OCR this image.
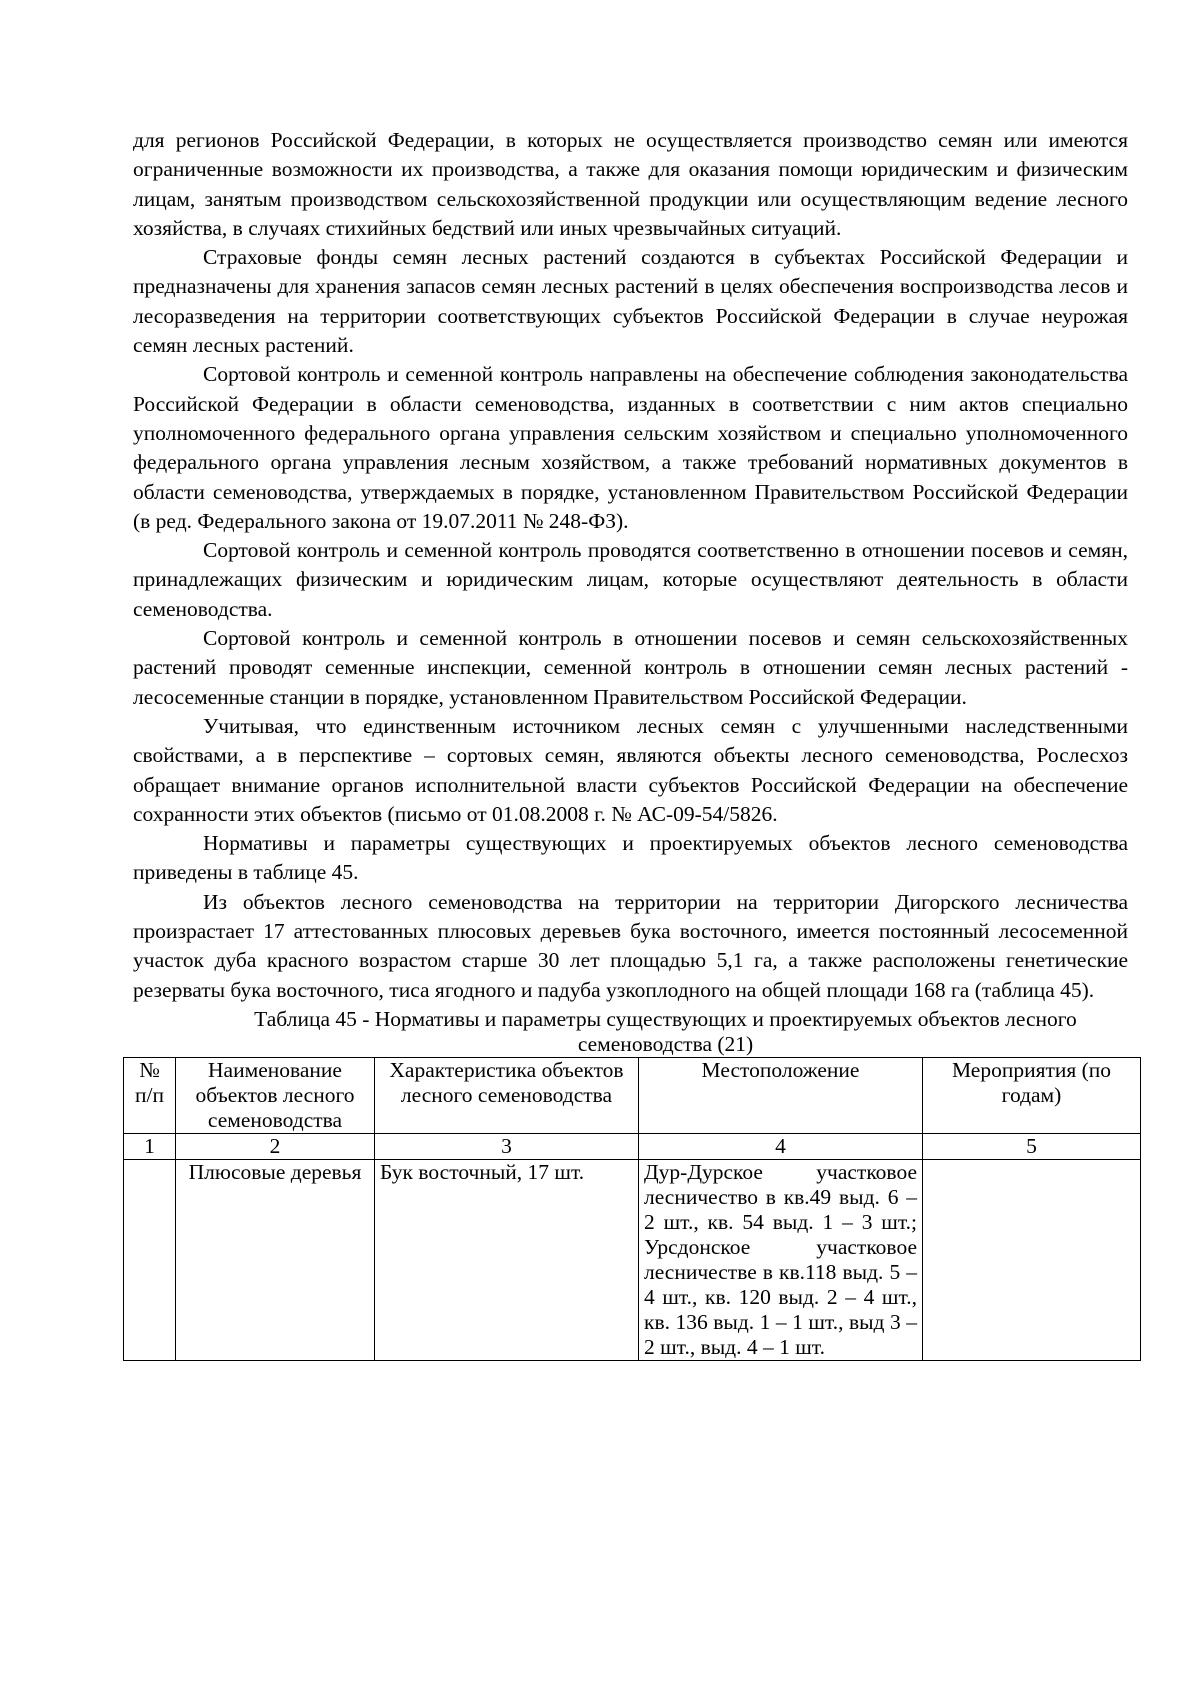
для регионов Российской Федерации, в которых не осуществляется производство семян или имеются ограниченные возможности их производства, а также для оказания помощи юридическим и физическим лицам, занятым производством сельскохозяйственной продукции или осуществляющим ведение лесного хозяйства, в случаях стихийных бедствий или иных чрезвычайных ситуаций.

Страховые фонды семян лесных растений создаются в субъектах Российской Федерации и предназначены для хранения запасов семян лесных растений в целях обеспечения воспроизводства лесов и лесоразведения на территории соответствующих субъектов Российской Федерации в случае неурожая семян лесных растений.

Сортовой контроль и семенной контроль направлены на обеспечение соблюдения законодательства Российской Федерации в области семеноводства, изданных в соответствии с ним актов специально уполномоченного федерального органа управления сельским хозяйством и специально уполномоченного федерального органа управления лесным хозяйством, а также требований нормативных документов в области семеноводства, утверждаемых в порядке, установленном Правительством Российской Федерации (в ред. Федерального закона от 19.07.2011 № 248-ФЗ).

Сортовой контроль и семенной контроль проводятся соответственно в отношении посевов и семян, принадлежащих физическим и юридическим лицам, которые осуществляют деятельность в области семеноводства.

Сортовой контроль и семенной контроль в отношении посевов и семян сельскохозяйственных растений проводят семенные инспекции, семенной контроль в отношении семян лесных растений - лесосеменные станции в порядке, установленном Правительством Российской Федерации.

Учитывая, что единственным источником лесных семян с улучшенными наследственными свойствами, а в перспективе – сортовых семян, являются объекты лесного семеноводства, Рослесхоз обращает внимание органов исполнительной власти субъектов Российской Федерации на обеспечение сохранности этих объектов (письмо от 01.08.2008 г. № АС-09-54/5826.

Нормативы и параметры существующих и проектируемых объектов лесного семеноводства приведены в таблице 45.

Из объектов лесного семеноводства на территории на территории Дигорского лесничества произрастает 17 аттестованных плюсовых деревьев бука восточного, имеется постоянный лесосеменной участок дуба красного возрастом старше 30 лет площадью 5,1 га, а также расположены генетические резерваты бука восточного, тиса ягодного и падуба узкоплодного на общей площади 168 га (таблица 45).

Таблица 45 - Нормативы и параметры существующих и проектируемых объектов лесного семеноводства (21)
№ п/п	Наименование объектов лесного семеноводства	Характеристика объектов лесного семеноводства	Местоположение	Мероприятия (по годам)
1	2	3	4	5
	Плюсовые деревья	Бук восточный, 17 шт.	Дур-Дурское участковое лесничество в кв.49 выд. 6 – 2 шт., кв. 54 выд. 1 – 3 шт.; Урсдонское участковое лесничестве в кв.118 выд. 5 – 4 шт., кв. 120 выд. 2 – 4 шт., кв. 136 выд. 1 – 1 шт., выд 3 – 2 шт., выд. 4 – 1 шт.	
